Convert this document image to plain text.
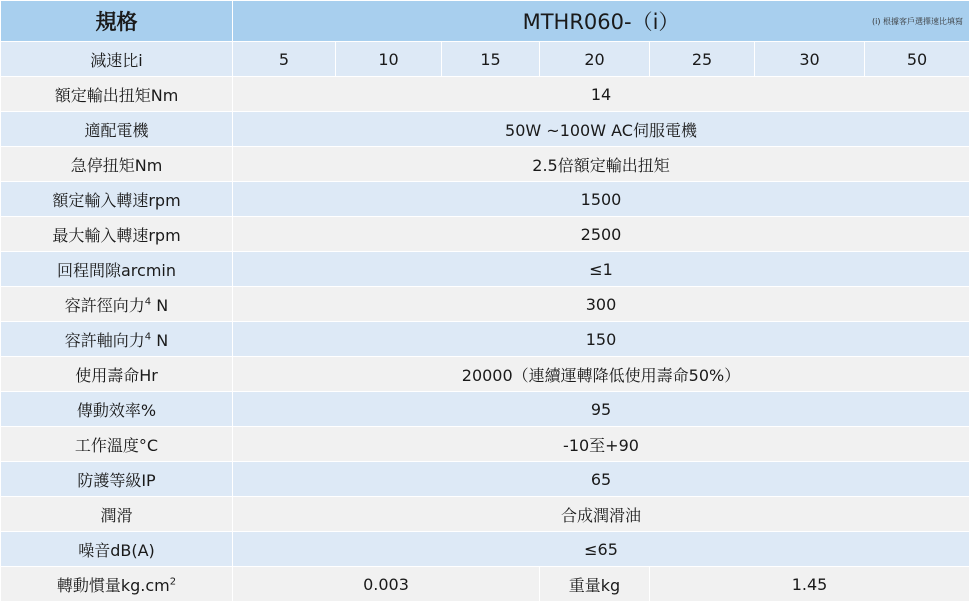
規格	MTHR060-（i） (i) 根據客戶選擇速比填寫						

減速比i	5	10	15	20	25	30	50
額定輸出扭矩Nm	14						
適配電機	50W ~100W AC伺服電機						
急停扭矩Nm	2.5倍額定輸出扭矩						
額定輸入轉速rpm	1500						
最大輸入轉速rpm	2500						
回程間隙arcmin	≤1						
容許徑向力$^4$ N	300						
容許軸向力$^4$ N	150						
使用壽命Hr	20000（連續運轉降低使用壽命50%）						
傳動效率%	95						
工作溫度°C	-10至+90						
防護等級IP	65						
潤滑	合成潤滑油						
噪音dB(A)	≤65						
轉動慣量$kg.cm^2$	0.003			重量kg	1.45		
